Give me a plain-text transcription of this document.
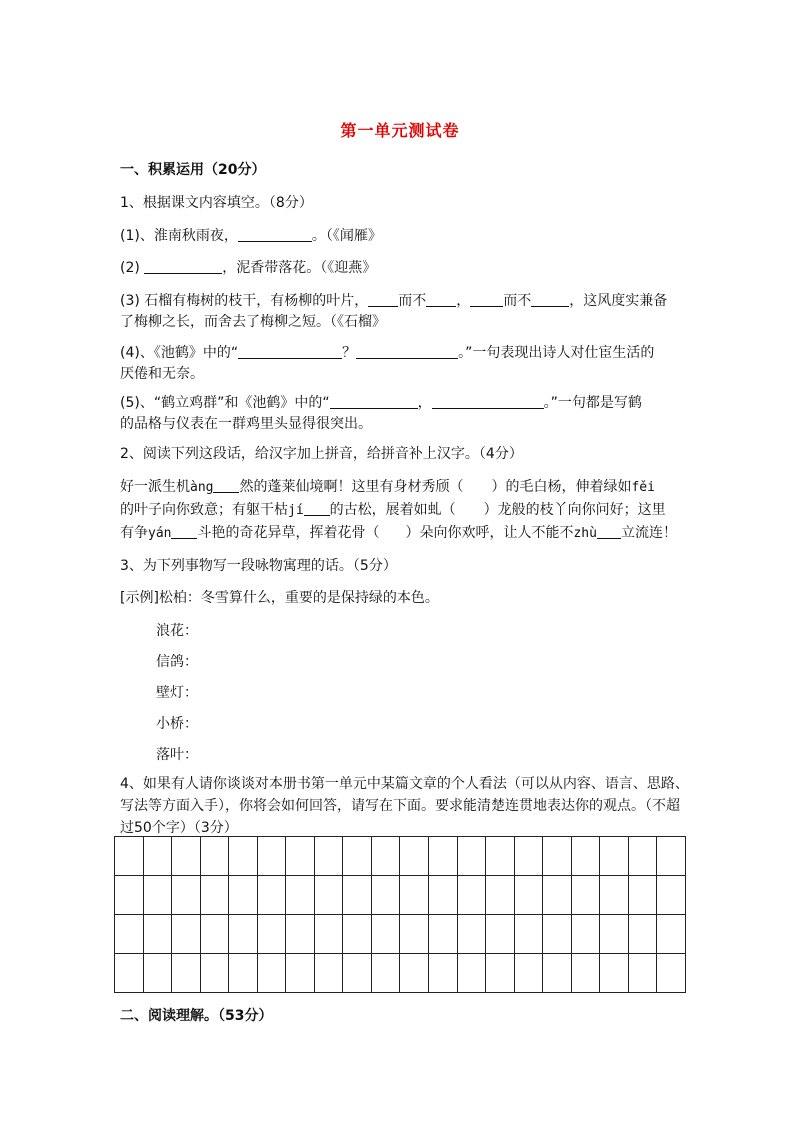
第一单元测试卷
一、积累运用（20分）
1、根据课文内容填空。（8分）
(1)、淮南秋雨夜，	。（《闻雁》
(2)	，泥香带落花。（《迎燕》
(3) 石榴有梅树的枝干，有杨柳的叶片， 而不 ， 而不	，这风度实兼备
了梅柳之长，而舍去了梅柳之短。（《石榴》
(4)、《池鹤》中的“	？	。”一句表现出诗人对仕宦生活的
厌倦和无奈。
(5)、“鹤立鸡群”和《池鹤》中的“	，	。”一句都是写鹤
的品格与仪表在一群鸡里头显得很突出。
2、阅读下列这段话，给汉字加上拼音，给拼音补上汉字。（4分）
好一派生机àng 然的蓬莱仙境啊！这里有身材秀颀（ ）的毛白杨，伸着绿如fěi
的叶子向你致意；有躯干枯jí 的古松，展着如虬（ ）龙般的枝丫向你问好；这里
有争yán 斗艳的奇花异草，挥着花骨（ ）朵向你欢呼，让人不能不zhù 立流连！
3、为下列事物写一段咏物寓理的话。（5分）
[示例]松柏：冬雪算什么，重要的是保持绿的本色。
浪花：
信鸽：
壁灯：
小桥：
落叶：
4、如果有人请你谈谈对本册书第一单元中某篇文章的个人看法（可以从内容、语言、思路、
写法等方面入手），你将会如何回答，请写在下面。要求能清楚连贯地表达你的观点。（不超
过50个字）（3分）

二、阅读理解。（53分）
